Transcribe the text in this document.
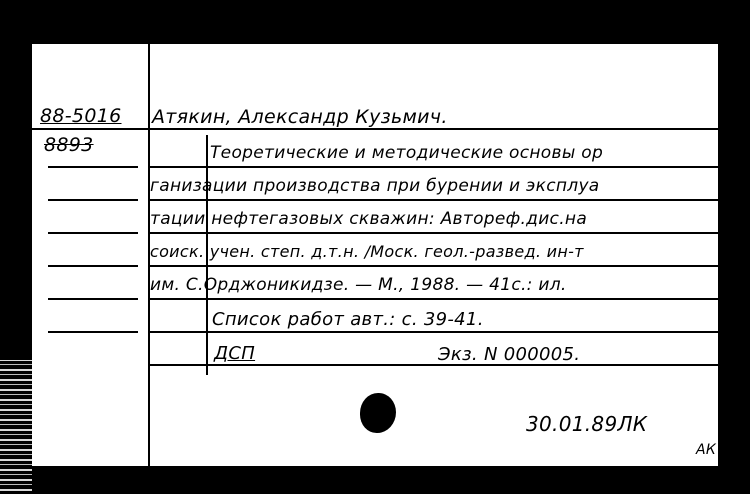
88-5016
8893
Атякин, Александр Кузьмич.
Теоретические и методические основы ор
ганизации производства при бурении и эксплуа
тации нефтегазовых скважин: Автореф.дис.на
соиск. учен. степ. д.т.н. /Моск. геол.-развед. ин-т
им. С.Орджоникидзе. — М., 1988. — 41с.: ил.
Список работ авт.: с. 39-41.
ДСП	Экз. N 000005.
30.01.89ЛК
АК
